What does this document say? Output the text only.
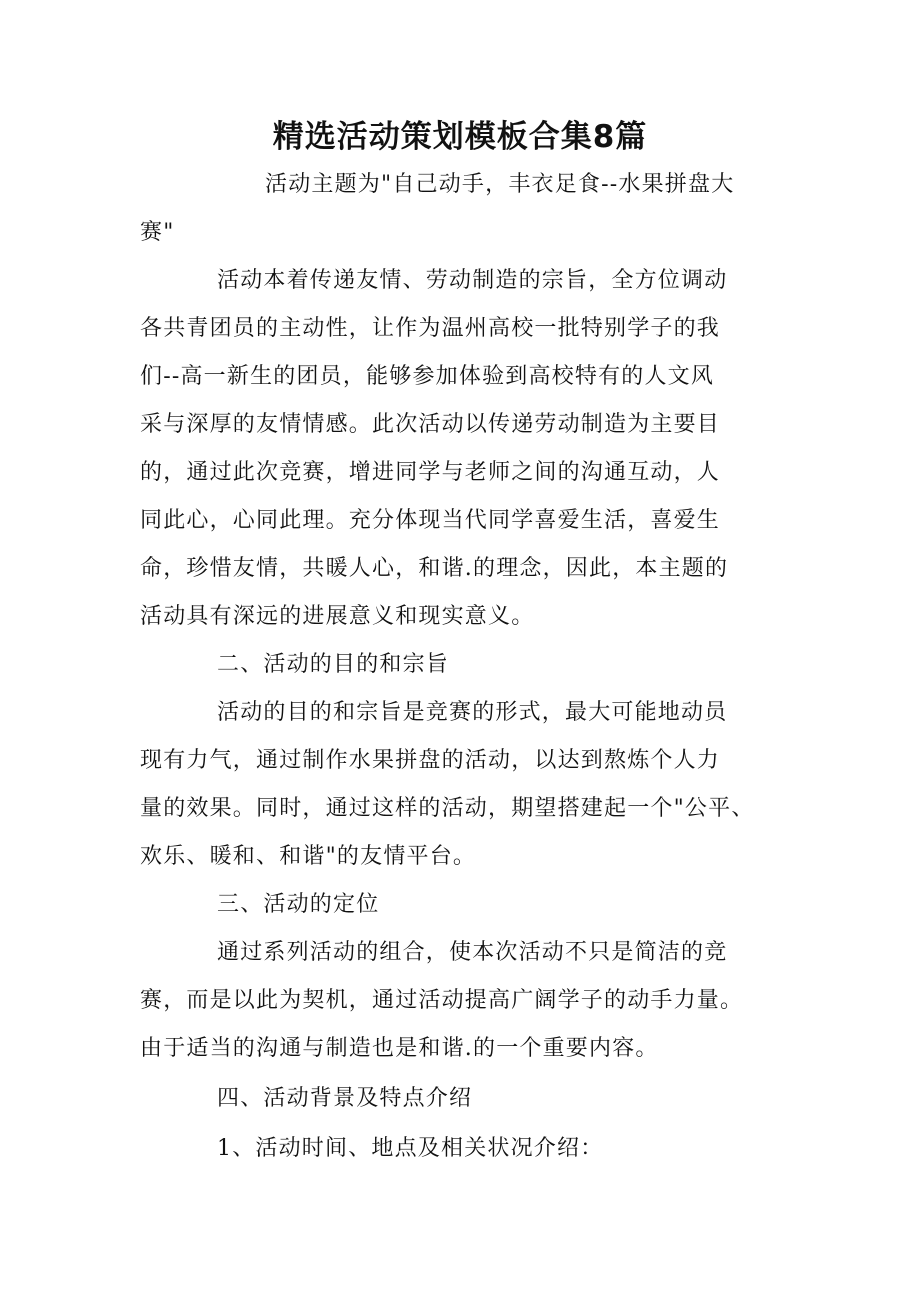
精选活动策划模板合集8篇

活动主题为"自己动手，丰衣足食--水果拼盘大

赛"

活动本着传递友情、劳动制造的宗旨，全方位调动

各共青团员的主动性，让作为温州高校一批特别学子的我

们--高一新生的团员，能够参加体验到高校特有的人文风

采与深厚的友情情感。此次活动以传递劳动制造为主要目

的，通过此次竞赛，增进同学与老师之间的沟通互动，人

同此心，心同此理。充分体现当代同学喜爱生活，喜爱生

命，珍惜友情，共暖人心，和谐.的理念，因此，本主题的

活动具有深远的进展意义和现实意义。

二、活动的目的和宗旨

活动的目的和宗旨是竞赛的形式，最大可能地动员

现有力气，通过制作水果拼盘的活动，以达到熬炼个人力

量的效果。同时，通过这样的活动，期望搭建起一个"公平、

欢乐、暖和、和谐"的友情平台。

三、活动的定位

通过系列活动的组合，使本次活动不只是简洁的竞

赛，而是以此为契机，通过活动提高广阔学子的动手力量。

由于适当的沟通与制造也是和谐.的一个重要内容。

四、活动背景及特点介绍

1、活动时间、地点及相关状况介绍：
